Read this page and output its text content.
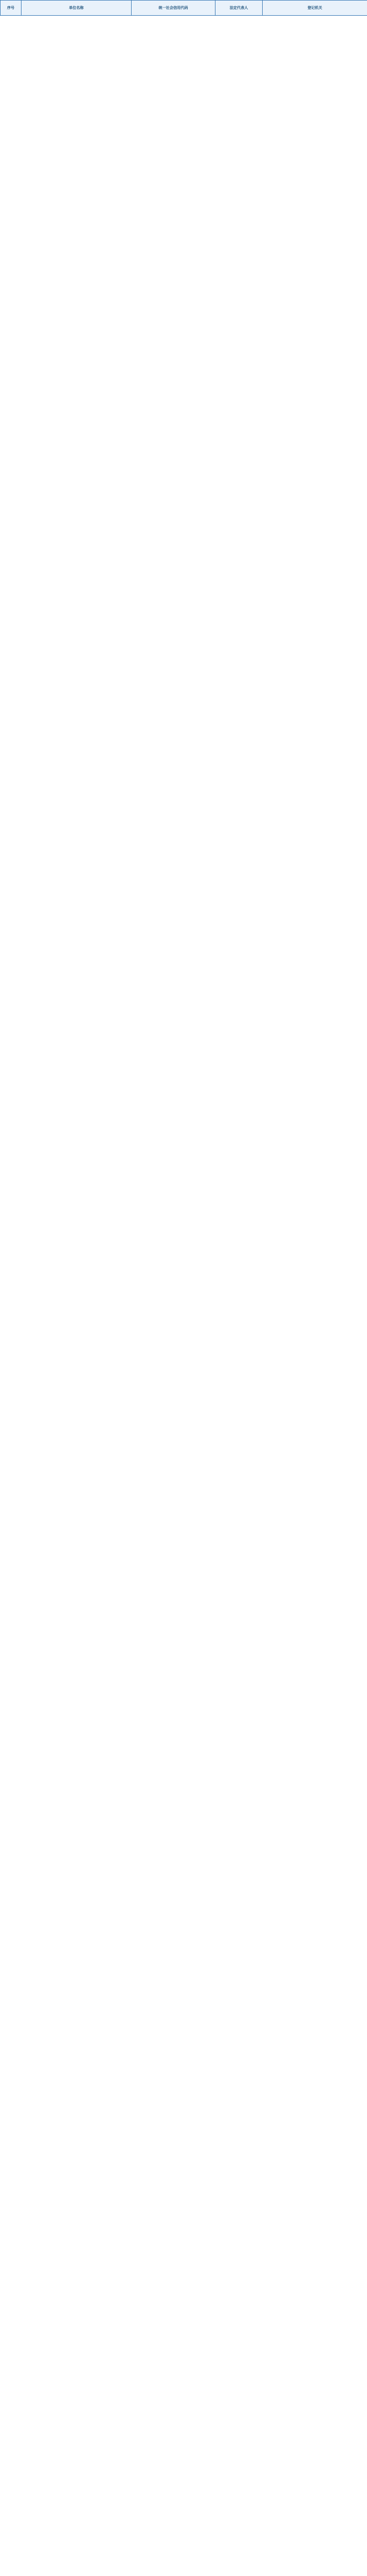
序号	单位名称	统一社会信用代码	法定代表人	登记机关
